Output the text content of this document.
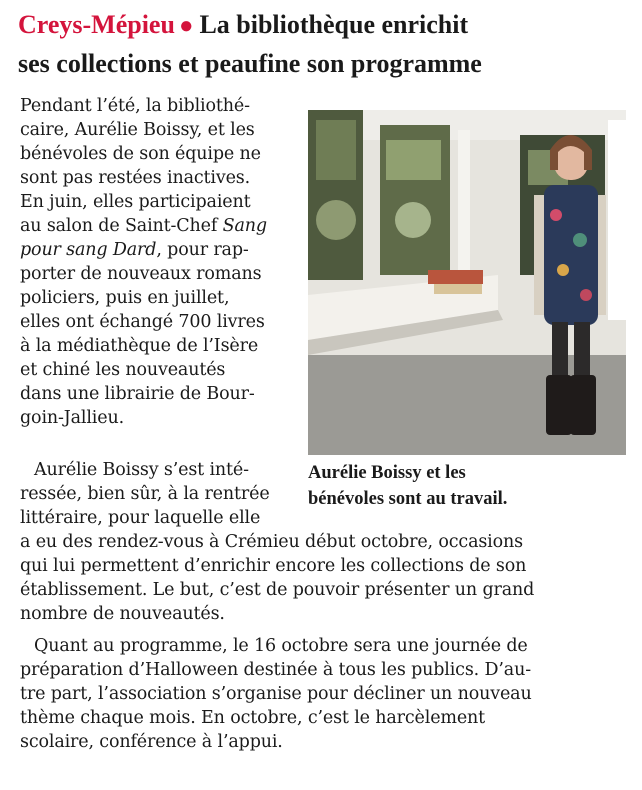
Creys-Mépieu ● La bibliothèque enrichit
ses collections et peaufine son programme
Pendant l’été, la bibliothé-
caire, Aurélie Boissy, et les
bénévoles de son équipe ne
sont pas restées inactives.
En juin, elles participaient
au salon de Saint-Chef Sang
pour sang Dard, pour rap-
porter de nouveaux romans
policiers, puis en juillet,
elles ont échangé 700 livres
à la médiathèque de l’Isère
et chiné les nouveautés
dans une librairie de Bour-
goin-Jallieu.
Aurélie Boissy s’est inté-
ressée, bien sûr, à la rentrée
littéraire, pour laquelle elle
Aurélie Boissy et les
bénévoles sont au travail.
a eu des rendez-vous à Crémieu début octobre, occasions
qui lui permettent d’enrichir encore les collections de son
établissement. Le but, c’est de pouvoir présenter un grand
nombre de nouveautés.
Quant au programme, le 16 octobre sera une journée de
préparation d’Halloween destinée à tous les publics. D’au-
tre part, l’association s’organise pour décliner un nouveau
thème chaque mois. En octobre, c’est le harcèlement
scolaire, conférence à l’appui.
